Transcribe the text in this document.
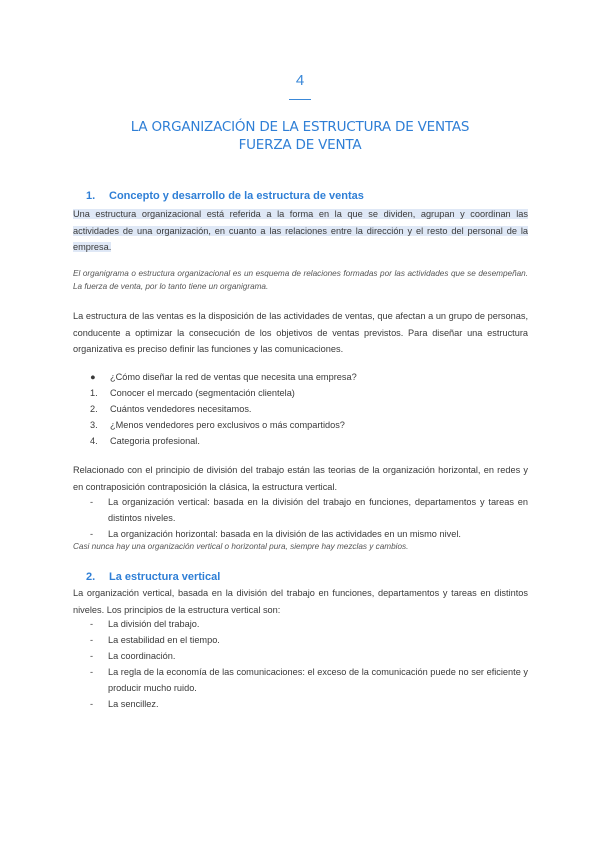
4
LA ORGANIZACIÓN DE LA ESTRUCTURA DE VENTAS
FUERZA DE VENTA
1. Concepto y desarrollo de la estructura de ventas
Una estructura organizacional está referida a la forma en la que se dividen, agrupan y coordinan las actividades de una organización, en cuanto a las relaciones entre la dirección y el resto del personal de la empresa.
El organigrama o estructura organizacional es un esquema de relaciones formadas por las actividades que se desempeñan. La fuerza de venta, por lo tanto tiene un organigrama.
La estructura de las ventas es la disposición de las actividades de ventas, que afectan a un grupo de personas, conducente a optimizar la consecución de los objetivos de ventas previstos. Para diseñar una estructura organizativa es preciso definir las funciones y las comunicaciones.
●	¿Cómo diseñar la red de ventas que necesita una empresa?
1.	Conocer el mercado (segmentación clientela)
2.	Cuántos vendedores necesitamos.
3.	¿Menos vendedores pero exclusivos o más compartidos?
4.	Categoria profesional.
Relacionado con el principio de división del trabajo están las teorias de la organización horizontal, en redes y en contraposición contraposición la clásica, la estructura vertical.
-	La organización vertical: basada en la división del trabajo en funciones, departamentos y tareas en distintos niveles.
-	La organización horizontal: basada en la división de las actividades en un mismo nivel.
Casi nunca hay una organización vertical o horizontal pura, siempre hay mezclas y cambios.
2. La estructura vertical
La organización vertical, basada en la división del trabajo en funciones, departamentos y tareas en distintos niveles. Los principios de la estructura vertical son:
-	La división del trabajo.
-	La estabilidad en el tiempo.
-	La coordinación.
-	La regla de la economía de las comunicaciones: el exceso de la comunicación puede no ser eficiente y producir mucho ruido.
-	La sencillez.
